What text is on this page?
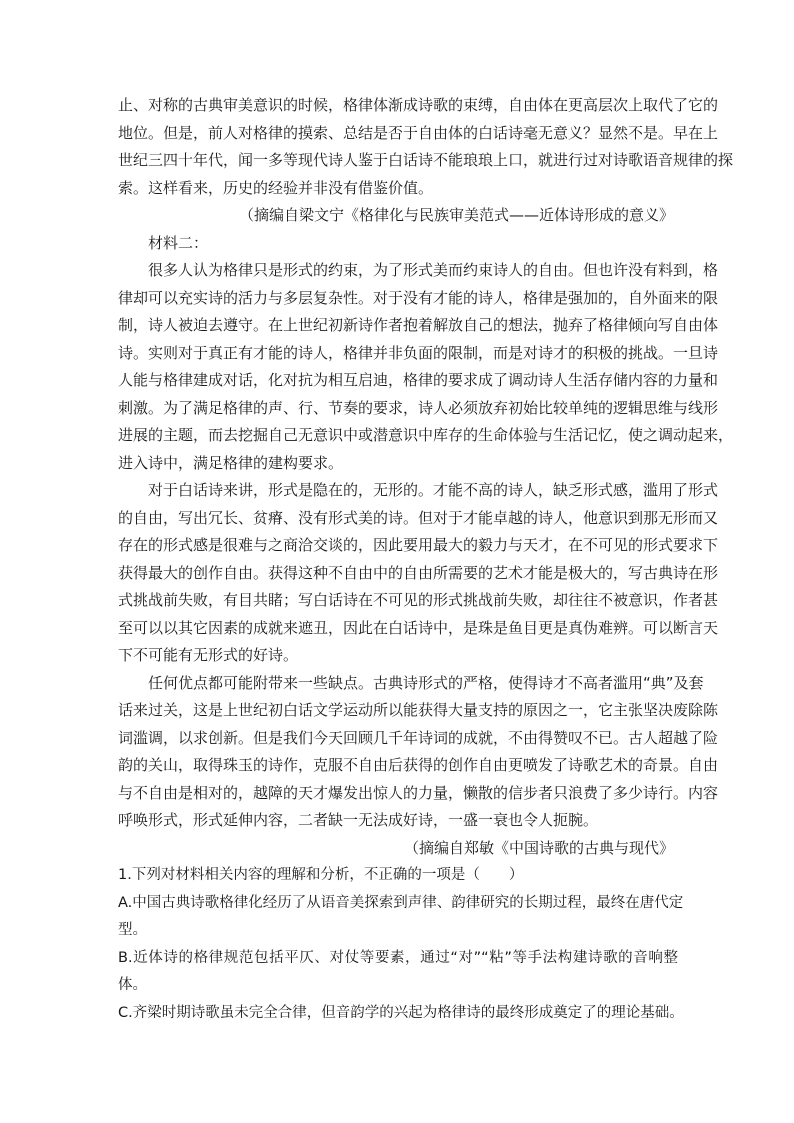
止、对称的古典审美意识的时候，格律体渐成诗歌的束缚，自由体在更高层次上取代了它的
地位。但是，前人对格律的摸索、总结是否于自由体的白话诗毫无意义？显然不是。早在上
世纪三四十年代，闻一多等现代诗人鉴于白话诗不能琅琅上口，就进行过对诗歌语音规律的探
索。这样看来，历史的经验并非没有借鉴价值。
（摘编自梁文宁《格律化与民族审美范式——近体诗形成的意义》
材料二：
很多人认为格律只是形式的约束，为了形式美而约束诗人的自由。但也许没有料到，格
律却可以充实诗的活力与多层复杂性。对于没有才能的诗人，格律是强加的，自外面来的限
制，诗人被迫去遵守。在上世纪初新诗作者抱着解放自己的想法，抛弃了格律倾向写自由体
诗。实则对于真正有才能的诗人，格律并非负面的限制，而是对诗才的积极的挑战。一旦诗
人能与格律建成对话，化对抗为相互启迪，格律的要求成了调动诗人生活存储内容的力量和
刺激。为了满足格律的声、行、节奏的要求，诗人必须放弃初始比较单纯的逻辑思维与线形
进展的主题，而去挖掘自己无意识中或潜意识中库存的生命体验与生活记忆，使之调动起来，
进入诗中，满足格律的建构要求。
对于白话诗来讲，形式是隐在的，无形的。才能不高的诗人，缺乏形式感，滥用了形式
的自由，写出冗长、贫瘠、没有形式美的诗。但对于才能卓越的诗人，他意识到那无形而又
存在的形式感是很难与之商洽交谈的，因此要用最大的毅力与天才，在不可见的形式要求下
获得最大的创作自由。获得这种不自由中的自由所需要的艺术才能是极大的，写古典诗在形
式挑战前失败，有目共睹；写白话诗在不可见的形式挑战前失败，却往往不被意识，作者甚
至可以以其它因素的成就来遮丑，因此在白话诗中，是珠是鱼目更是真伪难辨。可以断言天
下不可能有无形式的好诗。
任何优点都可能附带来一些缺点。古典诗形式的严格，使得诗才不高者滥用“典”及套
话来过关，这是上世纪初白话文学运动所以能获得大量支持的原因之一，它主张坚决废除陈
词滥调，以求创新。但是我们今天回顾几千年诗词的成就，不由得赞叹不已。古人超越了险
韵的关山，取得珠玉的诗作，克服不自由后获得的创作自由更喷发了诗歌艺术的奇景。自由
与不自由是相对的，越障的天才爆发出惊人的力量，懒散的信步者只浪费了多少诗行。内容
呼唤形式，形式延伸内容，二者缺一无法成好诗，一盛一衰也令人扼腕。
（摘编自郑敏《中国诗歌的古典与现代》
1.下列对材料相关内容的理解和分析，不正确的一项是（　　）
A.中国古典诗歌格律化经历了从语音美探索到声律、韵律研究的长期过程，最终在唐代定
型。
B.近体诗的格律规范包括平仄、对仗等要素，通过“对”“粘”等手法构建诗歌的音响整
体。
C.齐梁时期诗歌虽未完全合律，但音韵学的兴起为格律诗的最终形成奠定了的理论基础。
